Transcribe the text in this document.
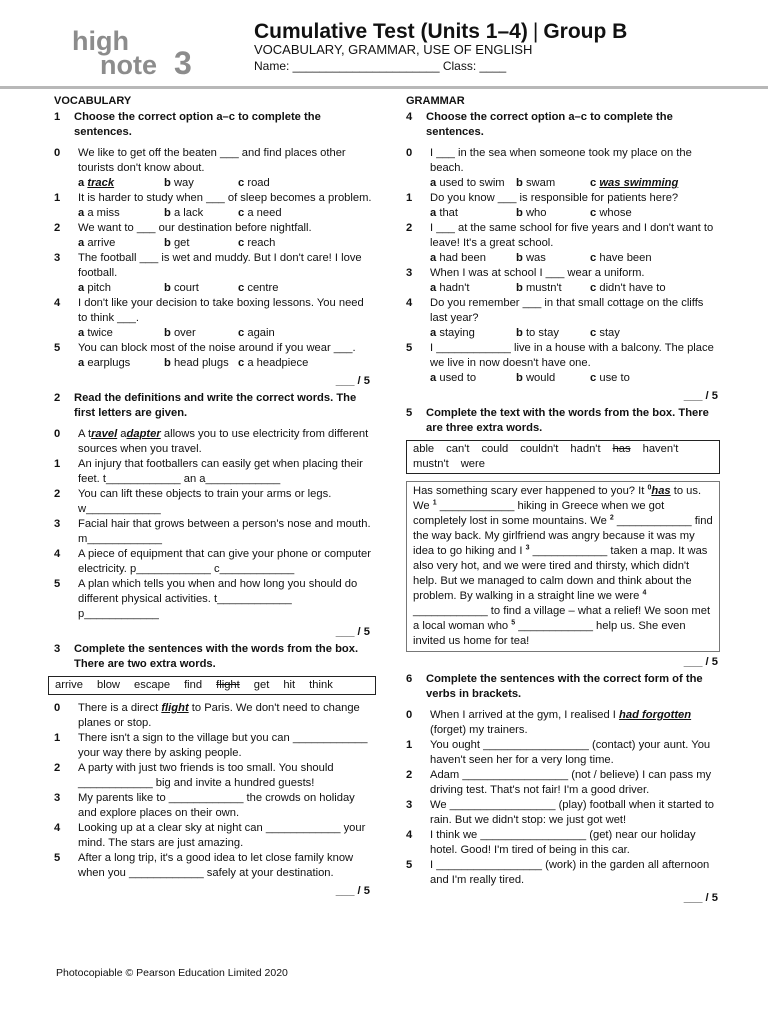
high
note 3
Cumulative Test (Units 1–4) | Group B
VOCABULARY, GRAMMAR, USE OF ENGLISH
Name: ______________________ Class: ____
VOCABULARY
1	Choose the correct option a–c to complete the sentences.
0	We like to get off the beaten ___ and find places other tourists don't know about.
a track	b way	c road
1	It is harder to study when ___ of sleep becomes a problem.
a a miss	b a lack	c a need
2	We want to ___ our destination before nightfall.
a arrive	b get	c reach
3	The football ___ is wet and muddy. But I don't care! I love football.
a pitch	b court	c centre
4	I don't like your decision to take boxing lessons. You need to think ___.
a twice	b over	c again
5	You can block most of the noise around if you wear ___.
a earplugs	b head plugs c a headpiece
___ / 5
2	Read the definitions and write the correct words. The first letters are given.
0	A travel adapter allows you to use electricity from different sources when you travel.
1	An injury that footballers can easily get when placing their feet. t____________ an a____________
2	You can lift these objects to train your arms or legs. w____________
3	Facial hair that grows between a person's nose and mouth. m____________
4	A piece of equipment that can give your phone or computer electricity. p____________ c____________
5	A plan which tells you when and how long you should do different physical activities. t____________ p____________
___ / 5
3	Complete the sentences with the words from the box. There are two extra words.
arrive blow escape find flight get hit think
0	There is a direct flight to Paris. We don't need to change planes or stop.
1	There isn't a sign to the village but you can ____________ your way there by asking people.
2	A party with just two friends is too small. You should ____________ big and invite a hundred guests!
3	My parents like to ____________ the crowds on holiday and explore places on their own.
4	Looking up at a clear sky at night can ____________ your mind. The stars are just amazing.
5	After a long trip, it's a good idea to let close family know when you ____________ safely at your destination.
___ / 5
GRAMMAR
4	Choose the correct option a–c to complete the sentences.
0	I ___ in the sea when someone took my place on the beach.
a used to swim	b swam	c was swimming
1	Do you know ___ is responsible for patients here?
a that	b who	c whose
2	I ___ at the same school for five years and I don't want to leave! It's a great school.
a had been	b was	c have been
3	When I was at school I ___ wear a uniform.
a hadn't	b mustn't	c didn't have to
4	Do you remember ___ in that small cottage on the cliffs last year?
a staying	b to stay	c stay
5	I ____________ live in a house with a balcony. The place we live in now doesn't have one.
a used to	b would	c use to
___ / 5
5	Complete the text with the words from the box. There are three extra words.
able can't could couldn't hadn't has haven't
mustn't were
Has something scary ever happened to you? It $^0$has to us. We $^1$ ____________ hiking in Greece when we got completely lost in some mountains. We $^2$ ____________ find the way back. My girlfriend was angry because it was my idea to go hiking and I $^3$ ____________ taken a map. It was also very hot, and we were tired and thirsty, which didn't help. But we managed to calm down and think about the problem. By walking in a straight line we were $^4$ ____________ to find a village – what a relief! We soon met a local woman who $^5$ ____________ help us. She even invited us home for tea!
___ / 5
6	Complete the sentences with the correct form of the verbs in brackets.
0	When I arrived at the gym, I realised I had forgotten (forget) my trainers.
1	You ought _________________ (contact) your aunt. You haven't seen her for a very long time.
2	Adam _________________ (not / believe) I can pass my driving test. That's not fair! I'm a good driver.
3	We _________________ (play) football when it started to rain. But we didn't stop: we just got wet!
4	I think we _________________ (get) near our holiday hotel. Good! I'm tired of being in this car.
5	I _________________ (work) in the garden all afternoon and I'm really tired.
___ / 5
Photocopiable © Pearson Education Limited 2020
